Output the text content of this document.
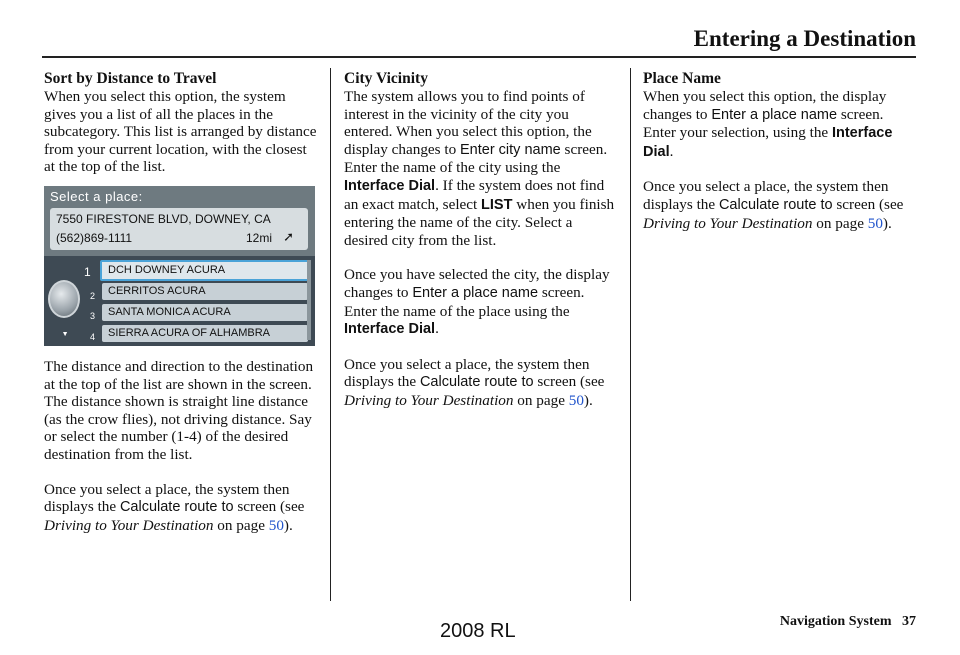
Entering a Destination
Sort by Distance to Travel

When you select this option, the system gives you a list of all the places in the subcategory. This list is arranged by distance from your current location, with the closest at the top of the list.

Select a place:
7550 FIRESTONE BLVD, DOWNEY, CA
(562)869-1111	12mi ➚
▼
DOWN
1
2
3
4
DCH DOWNEY ACURA
CERRITOS ACURA
SANTA MONICA ACURA
SIERRA ACURA OF ALHAMBRA

The distance and direction to the destination at the top of the list are shown in the screen. The distance shown is straight line distance (as the crow flies), not driving distance. Say or select the number (1-4) of the desired destination from the list.

Once you select a place, the system then displays the Calculate route to screen (see Driving to Your Destination on page 50).

City Vicinity

The system allows you to find points of interest in the vicinity of the city you entered. When you select this option, the display changes to Enter city name screen. Enter the name of the city using the Interface Dial. If the system does not find an exact match, select LIST when you finish entering the name of the city. Select a desired city from the list.

Once you have selected the city, the display changes to Enter a place name screen. Enter the name of the place using the Interface Dial.

Once you select a place, the system then displays the Calculate route to screen (see Driving to Your Destination on page 50).

Place Name

When you select this option, the display changes to Enter a place name screen. Enter your selection, using the Interface Dial.

Once you select a place, the system then displays the Calculate route to screen (see Driving to Your Destination on page 50).

Navigation System 37
2008 RL
